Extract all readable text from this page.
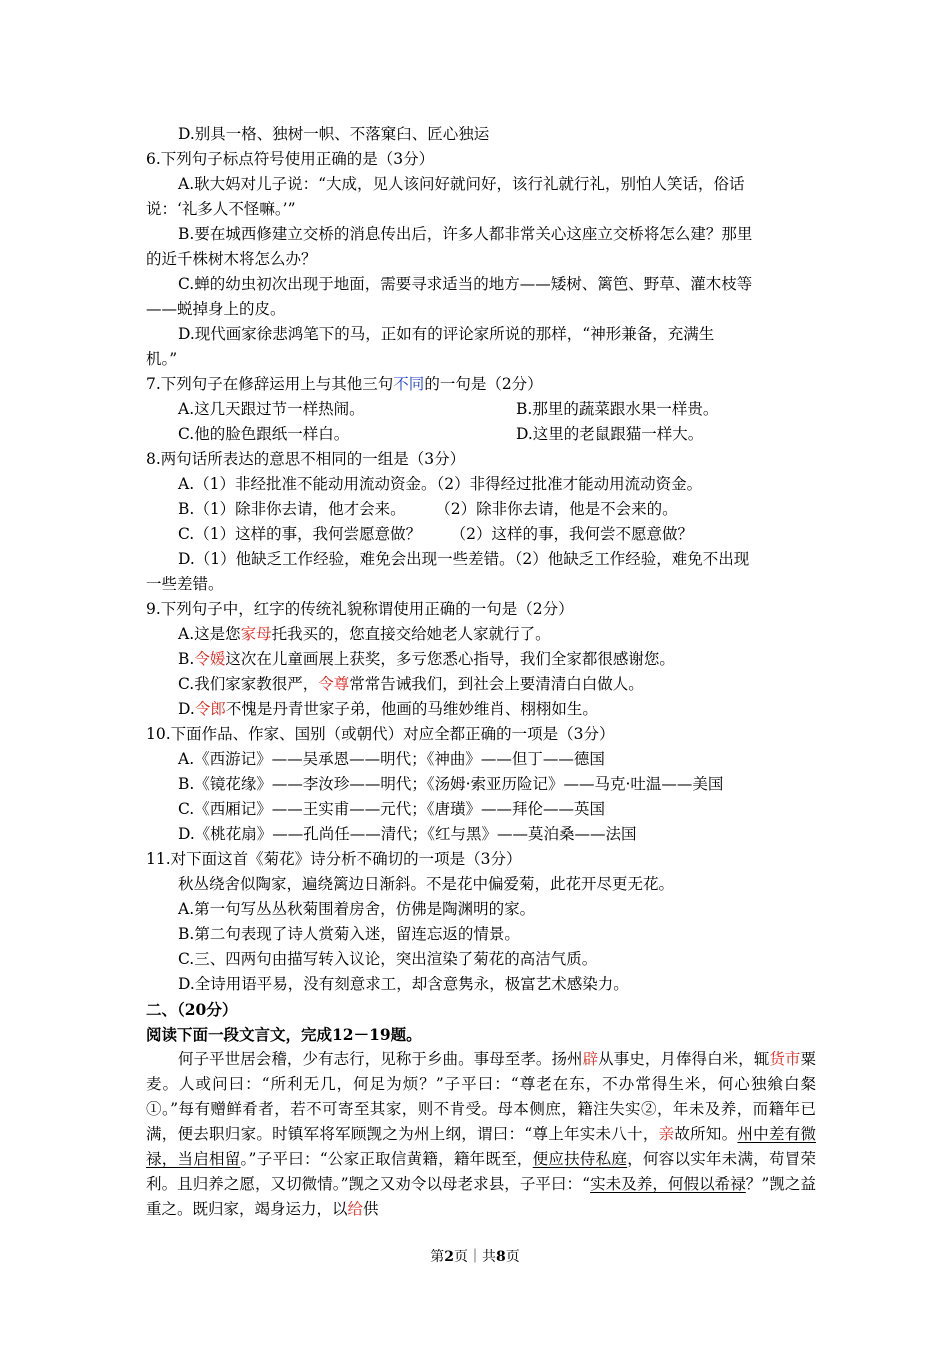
D.别具一格、独树一帜、不落窠臼、匠心独运
6.下列句子标点符号使用正确的是（3分）
A.耿大妈对儿子说：“大成，见人该问好就问好，该行礼就行礼，别怕人笑话，俗话
说：‘礼多人不怪嘛。’”
B.要在城西修建立交桥的消息传出后，许多人都非常关心这座立交桥将怎么建？那里
的近千株树木将怎么办？
C.蝉的幼虫初次出现于地面，需要寻求适当的地方——矮树、篱笆、野草、灌木枝等
——蜕掉身上的皮。
D.现代画家徐悲鸿笔下的马，正如有的评论家所说的那样，“神形兼备，充满生
机。”
7.下列句子在修辞运用上与其他三句不同的一句是（2分）
A.这几天跟过节一样热闹。	B.那里的蔬菜跟水果一样贵。
C.他的脸色跟纸一样白。	D.这里的老鼠跟猫一样大。
8.两句话所表达的意思不相同的一组是（3分）
A.（1）非经批准不能动用流动资金。（2）非得经过批准才能动用流动资金。
B.（1）除非你去请，他才会来。      （2）除非你去请，他是不会来的。
C.（1）这样的事，我何尝愿意做？      （2）这样的事，我何尝不愿意做？
D.（1）他缺乏工作经验，难免会出现一些差错。（2）他缺乏工作经验，难免不出现
一些差错。
9.下列句子中，红字的传统礼貌称谓使用正确的一句是（2分）
A.这是您家母托我买的，您直接交给她老人家就行了。
B.令媛这次在儿童画展上获奖，多亏您悉心指导，我们全家都很感谢您。
C.我们家家教很严，令尊常常告诫我们，到社会上要清清白白做人。
D.令郎不愧是丹青世家子弟，他画的马维妙维肖、栩栩如生。
10.下面作品、作家、国别（或朝代）对应全都正确的一项是（3分）
A.《西游记》——吴承恩——明代；《神曲》——但丁——德国
B.《镜花缘》——李汝珍——明代；《汤姆·索亚历险记》——马克·吐温——美国
C.《西厢记》——王实甫——元代；《唐璜》——拜伦——英国
D.《桃花扇》——孔尚任——清代；《红与黑》——莫泊桑——法国
11.对下面这首《菊花》诗分析不确切的一项是（3分）
秋丛绕舍似陶家，遍绕篱边日渐斜。不是花中偏爱菊，此花开尽更无花。
A.第一句写丛丛秋菊围着房舍，仿佛是陶渊明的家。
B.第二句表现了诗人赏菊入迷，留连忘返的情景。
C.三、四两句由描写转入议论，突出渲染了菊花的高洁气质。
D.全诗用语平易，没有刻意求工，却含意隽永，极富艺术感染力。
二、（20分）
阅读下面一段文言文，完成12－19题。
何子平世居会稽，少有志行，见称于乡曲。事母至孝。扬州辟从事史，月俸得白米，辄货市粟麦。人或问曰：“所利无几，何足为烦？”子平曰：“尊老在东，不办常得生米，何心独飨白粲①。”每有赠鲜肴者，若不可寄至其家，则不肯受。母本侧庶，籍注失实②，年未及养，而籍年已满，便去职归家。时镇军将军顾觊之为州上纲，谓曰：“尊上年实未八十，亲故所知。州中差有微禄，当启相留。”子平曰：“公家正取信黄籍，籍年既至，便应扶侍私庭，何容以实年未满，苟冒荣利。且归养之愿，又切微情。”觊之又劝令以母老求县，子平曰：“实未及养，何假以希禄？”觊之益重之。既归家，竭身运力，以给供
第2页｜共8页
